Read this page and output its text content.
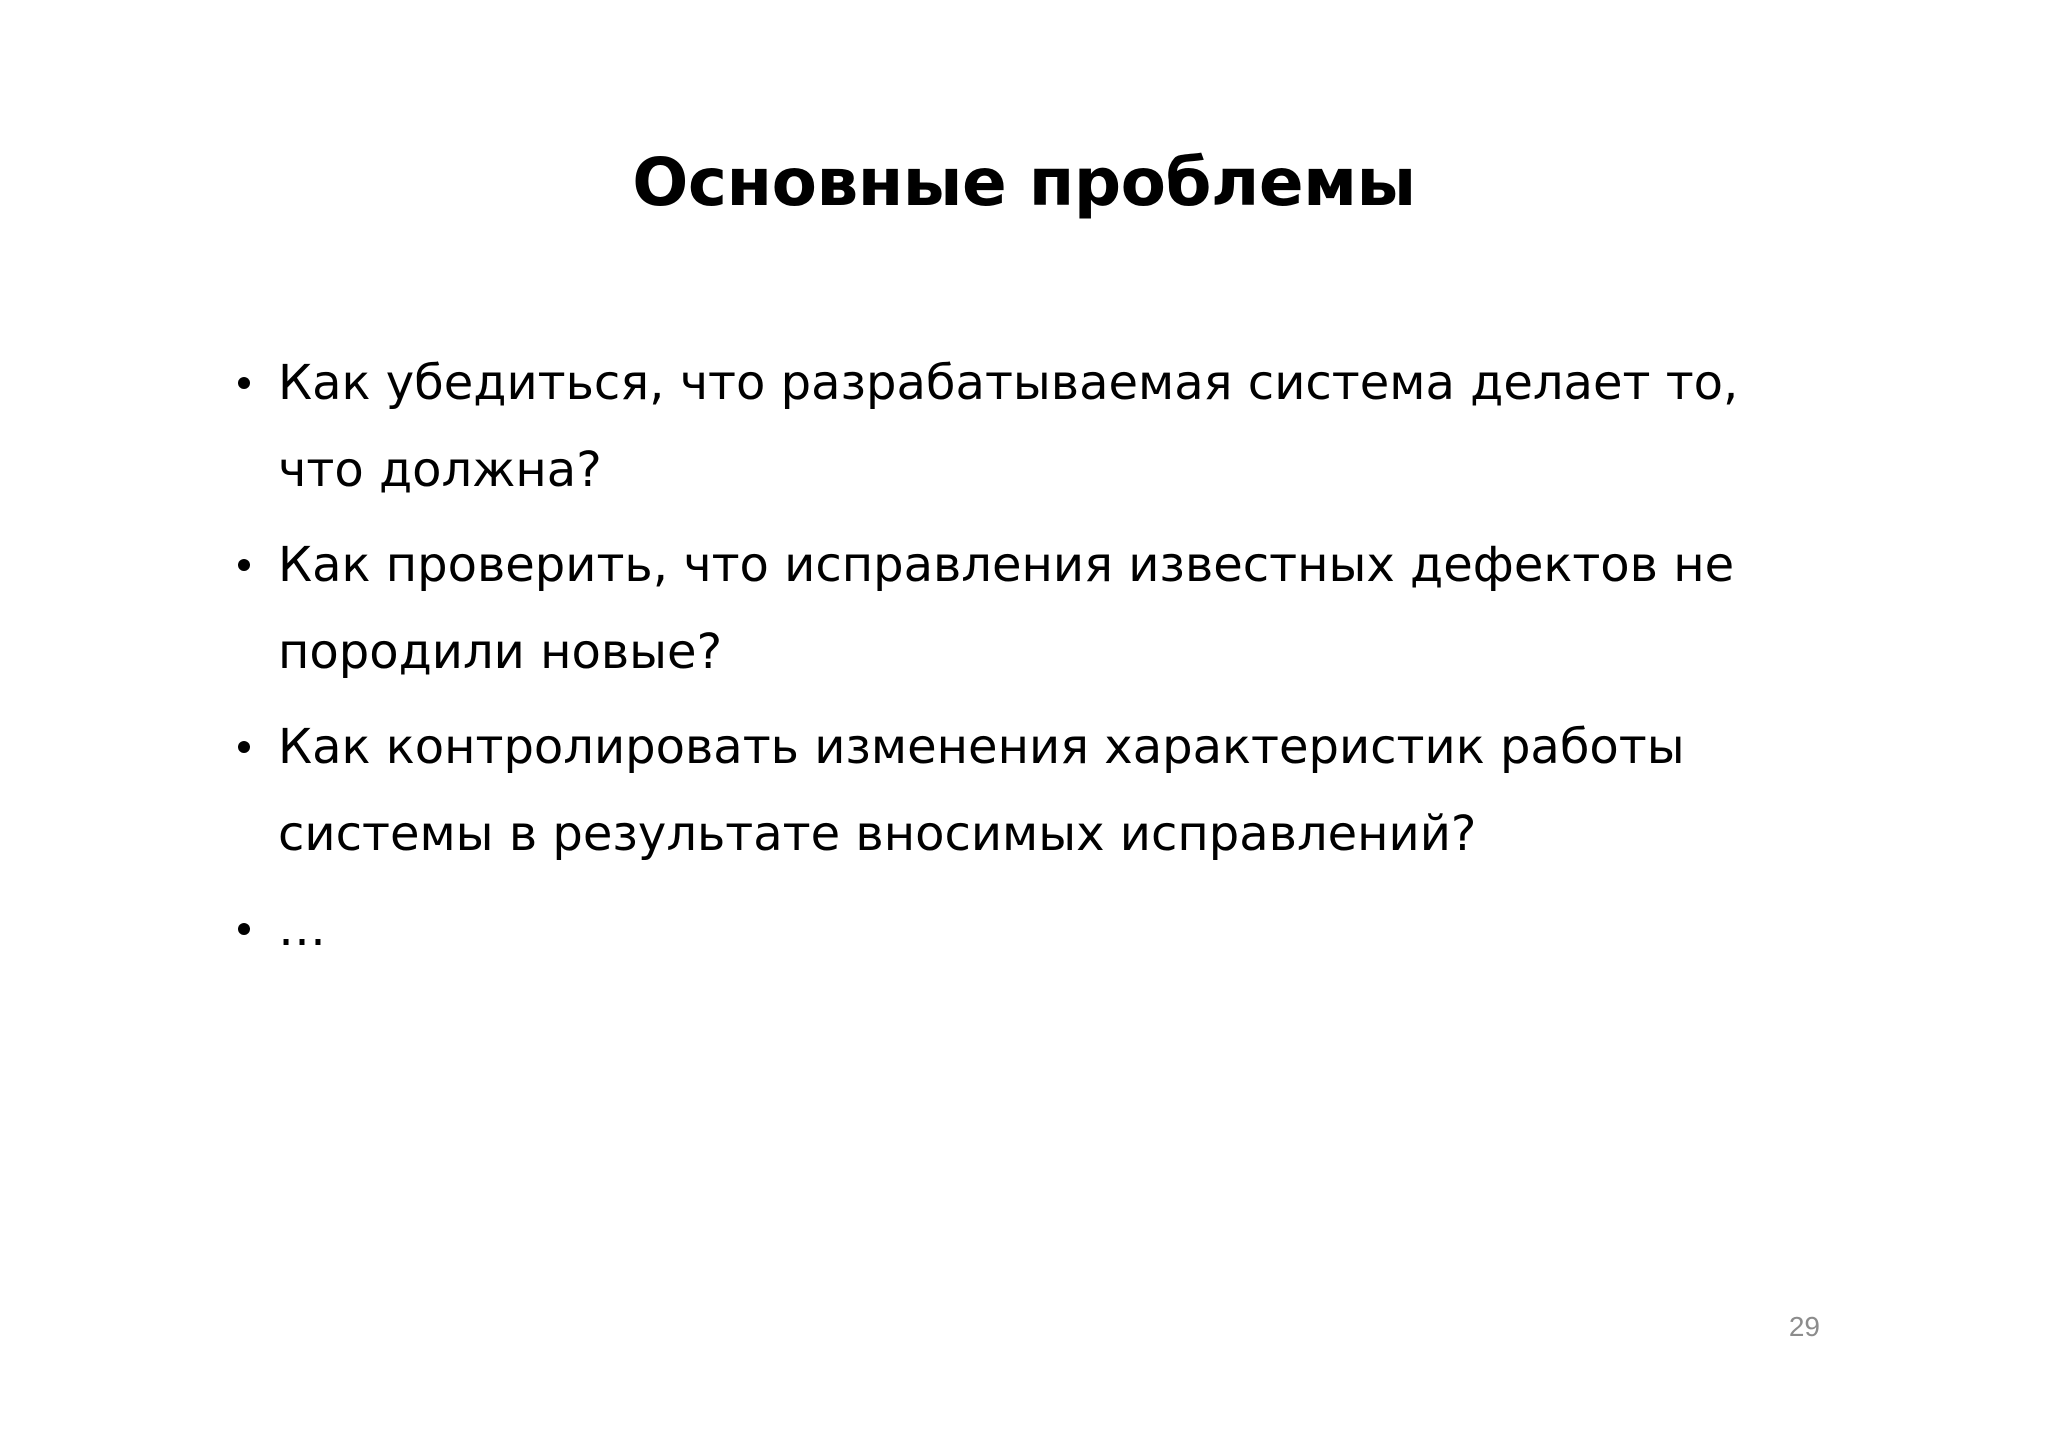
Основные проблемы
Как убедиться, что разрабатываемая система делает то, что должна?
Как проверить, что исправления известных дефектов не породили новые?
Как контролировать изменения характеристик работы системы в результате вносимых исправлений?
…
29
